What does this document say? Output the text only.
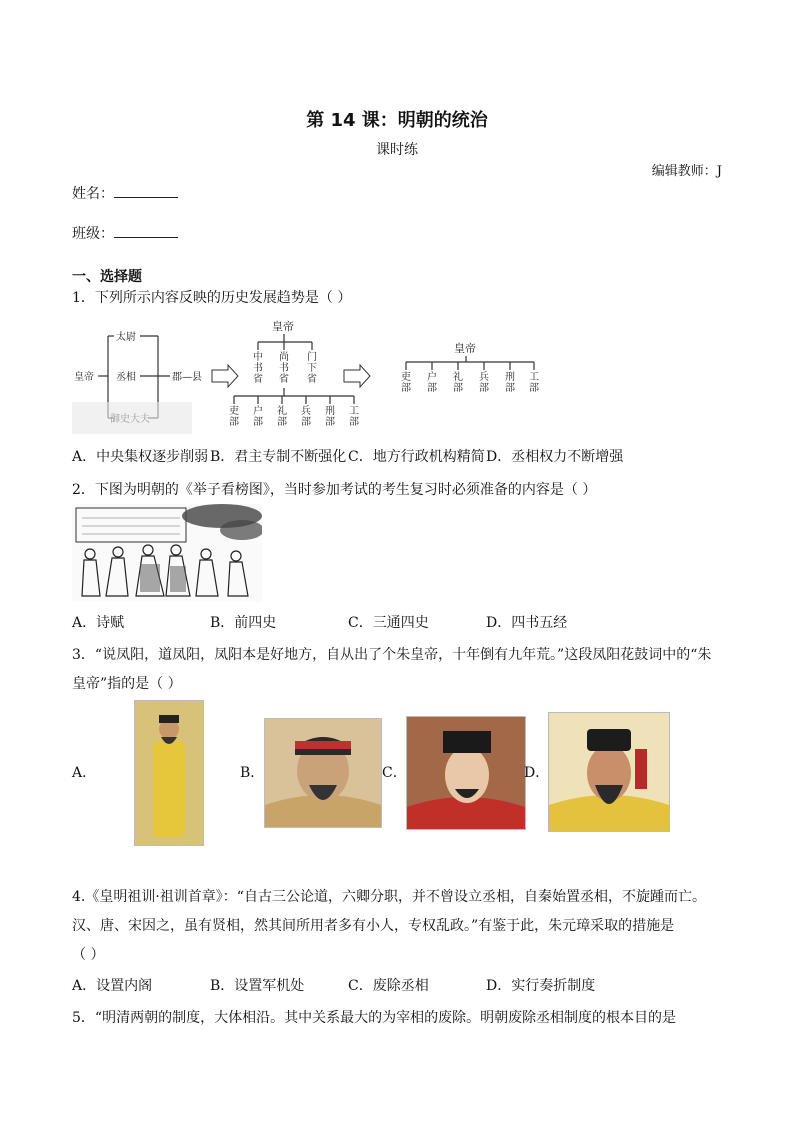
第 14 课：明朝的统治
课时练
编辑教师：J
姓名：
班级：
一、选择题
1．下列所示内容反映的历史发展趋势是（ ）
皇帝
太尉
丞相	郡—县
皇帝
皇帝
中书省
尚书省
门下省
吏部
户部
礼部
兵部
刑部
工部
吏部
户部
礼部
兵部
刑部
工部
A．中央集权逐步削弱 B．君主专制不断强化 C．地方行政机构精简 D．丞相权力不断增强
2．下图为明朝的《举子看榜图》，当时参加考试的考生复习时必须准备的内容是（ ）
A．诗赋	B．前四史	C．三通四史	D．四书五经
3．“说凤阳，道凤阳，凤阳本是好地方，自从出了个朱皇帝，十年倒有九年荒。”这段凤阳花鼓词中的“朱
皇帝”指的是（ ）
A．	B．	C．	D．
4.《皇明祖训·祖训首章》：“自古三公论道，六卿分职，并不曾设立丞相，自秦始置丞相，不旋踵而亡。
汉、唐、宋因之，虽有贤相，然其间所用者多有小人，专权乱政。”有鉴于此，朱元璋采取的措施是
（ ）
A．设置内阁	B．设置军机处	C．废除丞相	D．实行奏折制度
5．“明清两朝的制度，大体相沿。其中关系最大的为宰相的废除。明朝废除丞相制度的根本目的是
